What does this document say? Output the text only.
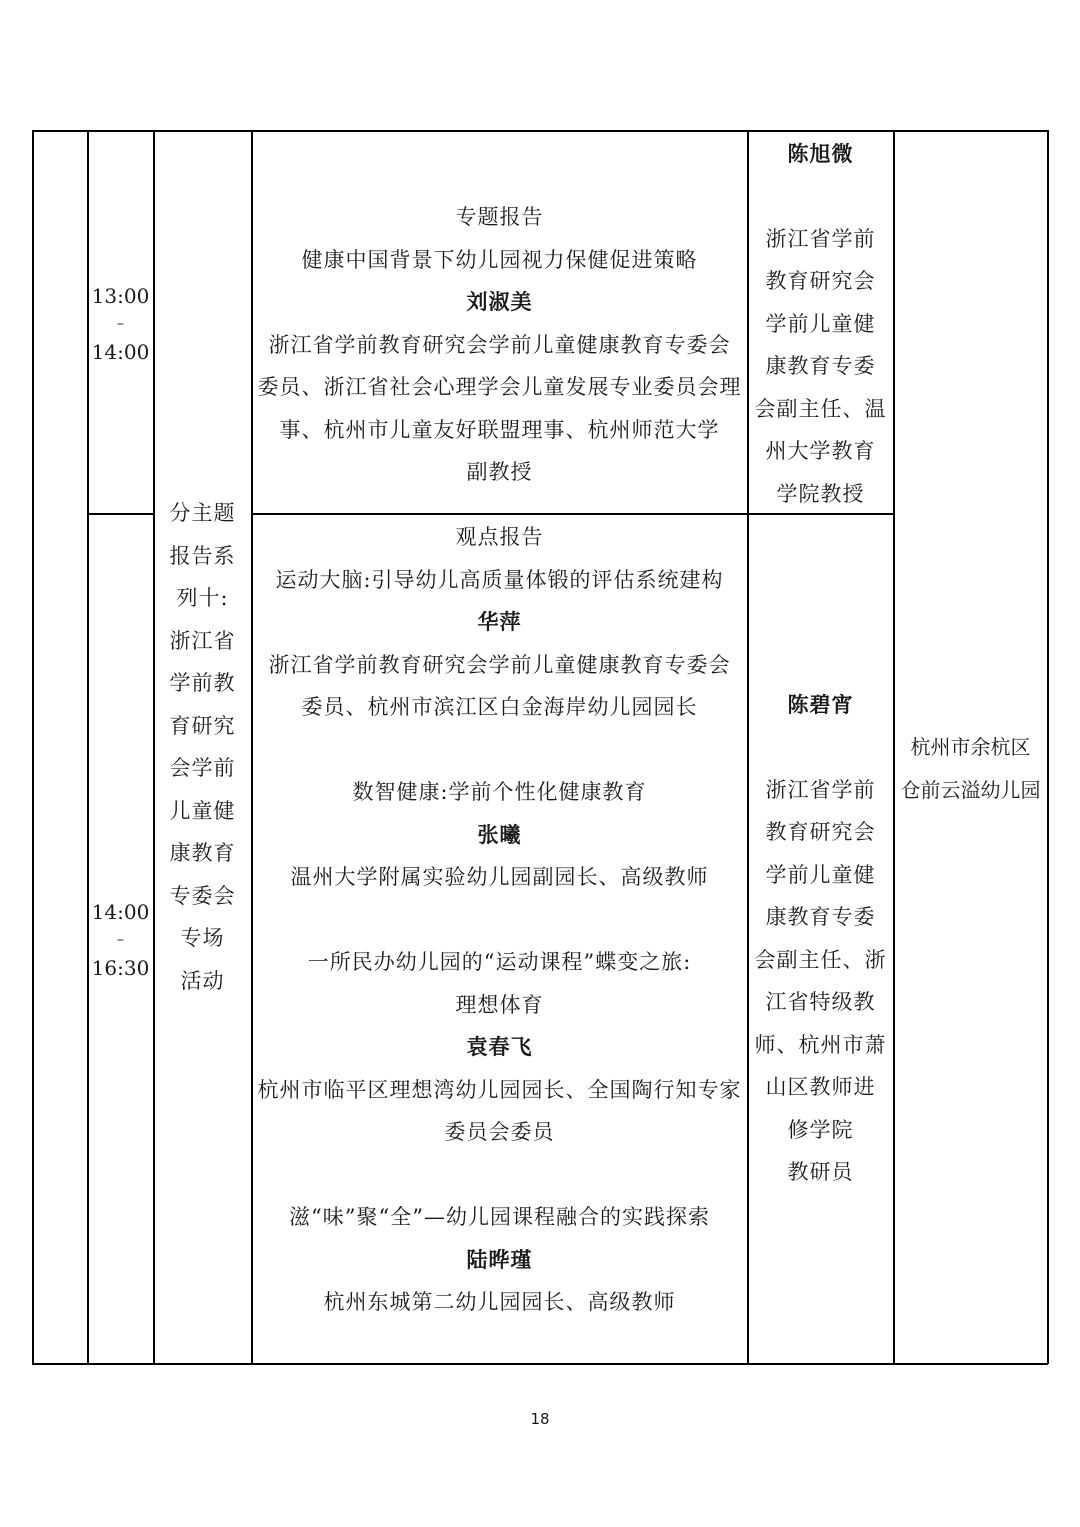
13:00
–
14:00
专题报告
健康中国背景下幼儿园视力保健促进策略
刘淑美
浙江省学前教育研究会学前儿童健康教育专委会
委员、浙江省社会心理学会儿童发展专业委员会理
事、杭州市儿童友好联盟理事、杭州师范大学
副教授
陈旭微
浙江省学前
教育研究会
学前儿童健
康教育专委
会副主任、温
州大学教育
学院教授
分主题
报告系
列十:
浙江省
学前教
育研究
会学前
儿童健
康教育
专委会
专场
活动
14:00
–
16:30
观点报告
运动大脑:引导幼儿高质量体锻的评估系统建构
华萍
浙江省学前教育研究会学前儿童健康教育专委会
委员、杭州市滨江区白金海岸幼儿园园长
数智健康:学前个性化健康教育
张曦
温州大学附属实验幼儿园副园长、高级教师
一所民办幼儿园的“运动课程”蝶变之旅:
理想体育
袁春飞
杭州市临平区理想湾幼儿园园长、全国陶行知专家
委员会委员
滋“味”聚“全”—幼儿园课程融合的实践探索
陆晔瑾
杭州东城第二幼儿园园长、高级教师
陈碧宵
浙江省学前
教育研究会
学前儿童健
康教育专委
会副主任、浙
江省特级教
师、杭州市萧
山区教师进
修学院
教研员
杭州市余杭区
仓前云溢幼儿园
18
